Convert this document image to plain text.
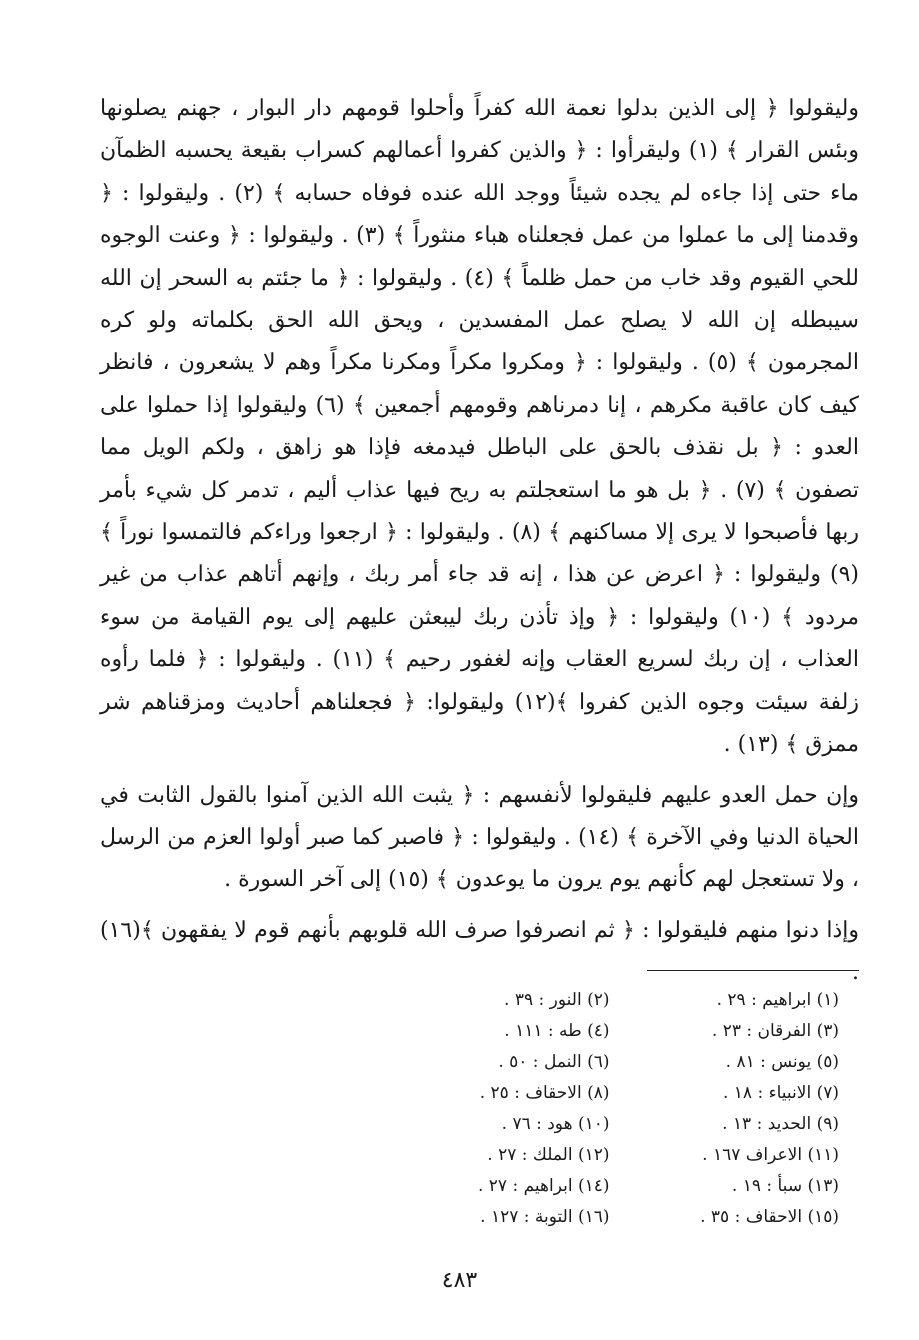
وليقولوا ﴿ إلى الذين بدلوا نعمة الله كفراً وأحلوا قومهم دار البوار ، جهنم يصلونها وبئس القرار ﴾ (١) وليقرأوا : ﴿ والذين كفروا أعمالهم كسراب بقيعة يحسبه الظمآن ماء حتى إذا جاءه لم يجده شيئاً ووجد الله عنده فوفاه حسابه ﴾ (٢) . وليقولوا : ﴿ وقدمنا إلى ما عملوا من عمل فجعلناه هباء منثوراً ﴾ (٣) . وليقولوا : ﴿ وعنت الوجوه للحي القيوم وقد خاب من حمل ظلماً ﴾ (٤) . وليقولوا : ﴿ ما جئتم به السحر إن الله سيبطله إن الله لا يصلح عمل المفسدين ، ويحق الله الحق بكلماته ولو كره المجرمون ﴾ (٥) . وليقولوا : ﴿ ومكروا مكراً ومكرنا مكراً وهم لا يشعرون ، فانظر كيف كان عاقبة مكرهم ، إنا دمرناهم وقومهم أجمعين ﴾ (٦) وليقولوا إذا حملوا على العدو : ﴿ بل نقذف بالحق على الباطل فيدمغه فإذا هو زاهق ، ولكم الويل مما تصفون ﴾ (٧) . ﴿ بل هو ما استعجلتم به ريح فيها عذاب أليم ، تدمر كل شيء بأمر ربها فأصبحوا لا يرى إلا مساكنهم ﴾ (٨) . وليقولوا : ﴿ ارجعوا وراءكم فالتمسوا نوراً ﴾ (٩) وليقولوا : ﴿ اعرض عن هذا ، إنه قد جاء أمر ربك ، وإنهم أتاهم عذاب من غير مردود ﴾ (١٠) وليقولوا : ﴿ وإذ تأذن ربك ليبعثن عليهم إلى يوم القيامة من سوء العذاب ، إن ربك لسريع العقاب وإنه لغفور رحيم ﴾ (١١) . وليقولوا : ﴿ فلما رأوه زلفة سيئت وجوه الذين كفروا ﴾(١٢) وليقولوا: ﴿ فجعلناهم أحاديث ومزقناهم شر ممزق ﴾ (١٣) .

وإن حمل العدو عليهم فليقولوا لأنفسهم : ﴿ يثبت الله الذين آمنوا بالقول الثابت في الحياة الدنيا وفي الآخرة ﴾ (١٤) . وليقولوا : ﴿ فاصبر كما صبر أولوا العزم من الرسل ، ولا تستعجل لهم كأنهم يوم يرون ما يوعدون ﴾ (١٥) إلى آخر السورة .

وإذا دنوا منهم فليقولوا : ﴿ ثم انصرفوا صرف الله قلوبهم بأنهم قوم لا يفقهون ﴾(١٦) .

(١) ابراهيم : ٢٩ .
(٢) النور : ٣٩ .
(٣) الفرقان : ٢٣ .
(٤) طه : ١١١ .
(٥) يونس : ٨١ .
(٦) النمل : ٥٠ .
(٧) الانبياء : ١٨ .
(٨) الاحقاف : ٢٥ .
(٩) الحديد : ١٣ .
(١٠) هود : ٧٦ .
(١١) الاعراف ١٦٧ .
(١٢) الملك : ٢٧ .
(١٣) سبأ : ١٩ .
(١٤) ابراهيم : ٢٧ .
(١٥) الاحقاف : ٣٥ .
(١٦) التوبة : ١٢٧ .
٤٨٣
